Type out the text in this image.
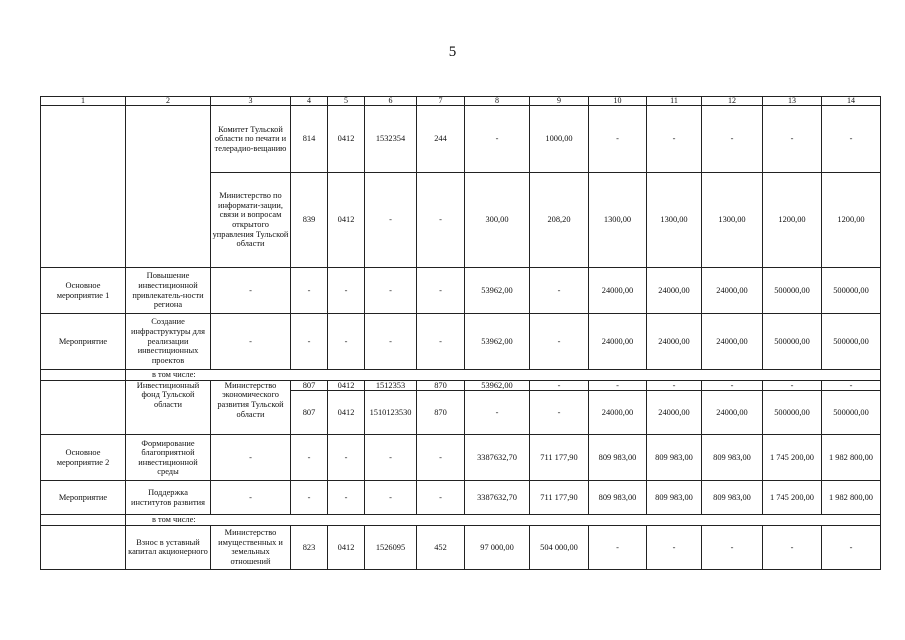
5
1	2	3	4	5	6	7	8	9	10	11	12	13	14
		Комитет Тульской области по печати и телерадио-вещанию	814	0412	1532354	244	-	1000,00	-	-	-	-	-
		Министерство по информати-зации, связи и вопросам открытого управления Тульской области	839	0412	-	-	300,00	208,20	1300,00	1300,00	1300,00	1200,00	1200,00
Основное мероприятие 1	Повышение инвестиционной привлекатель-ности региона	-	-	-	-	-	53962,00	-	24000,00	24000,00	24000,00	500000,00	500000,00
Мероприятие	Создание инфраструктуры для реализации инвестиционных проектов	-	-	-	-	-	53962,00	-	24000,00	24000,00	24000,00	500000,00	500000,00
	в том числе:												
	Инвестиционный фонд Тульской области	Министерство экономического развития Тульской области	807	0412	1512353	870	53962,00	-	-	-	-	-	-
			807	0412	1510123530	870	-	-	24000,00	24000,00	24000,00	500000,00	500000,00
Основное мероприятие 2	Формирование благоприятной инвестиционной среды	-	-	-	-	-	3387632,70	711 177,90	809 983,00	809 983,00	809 983,00	1 745 200,00	1 982 800,00
Мероприятие	Поддержка институтов развития	-	-	-	-	-	3387632,70	711 177,90	809 983,00	809 983,00	809 983,00	1 745 200,00	1 982 800,00
	в том числе:												
	Взнос в уставный капитал акционерного	Министерство имущественных и земельных отношений	823	0412	1526095	452	97 000,00	504 000,00	-	-	-	-	-
